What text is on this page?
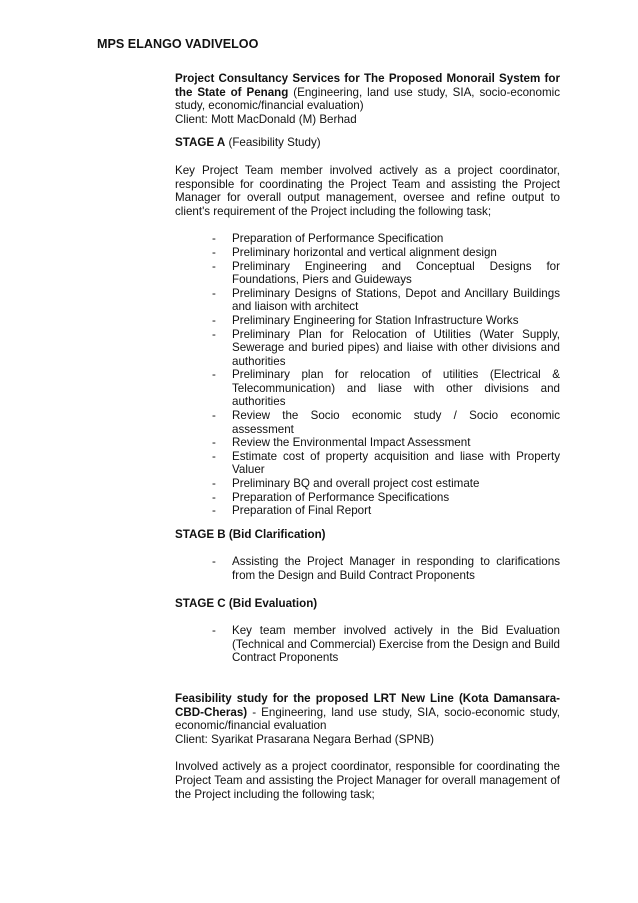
MPS ELANGO VADIVELOO

Project Consultancy Services for The Proposed Monorail System for the State of Penang (Engineering, land use study, SIA, socio-economic study, economic/financial evaluation)

Client: Mott MacDonald (M) Berhad

STAGE A (Feasibility Study)

Key Project Team member involved actively as a project coordinator, responsible for coordinating the Project Team and assisting the Project Manager for overall output management, oversee and refine output to client's requirement of the Project including the following task;

- Preparation of Performance Specification
- Preliminary horizontal and vertical alignment design
- Preliminary Engineering and Conceptual Designs for Foundations, Piers and Guideways
- Preliminary Designs of Stations, Depot and Ancillary Buildings and liaison with architect
- Preliminary Engineering for Station Infrastructure Works
- Preliminary Plan for Relocation of Utilities (Water Supply, Sewerage and buried pipes) and liaise with other divisions and authorities
- Preliminary plan for relocation of utilities (Electrical & Telecommunication) and liase with other divisions and authorities
- Review the Socio economic study / Socio economic assessment
- Review the Environmental Impact Assessment
- Estimate cost of property acquisition and liase with Property Valuer
- Preliminary BQ and overall project cost estimate
- Preparation of Performance Specifications
- Preparation of Final Report

STAGE B (Bid Clarification)

- Assisting the Project Manager in responding to clarifications from the Design and Build Contract Proponents

STAGE C (Bid Evaluation)

- Key team member involved actively in the Bid Evaluation (Technical and Commercial) Exercise from the Design and Build Contract Proponents

Feasibility study for the proposed LRT New Line (Kota Damansara-CBD-Cheras) - Engineering, land use study, SIA, socio-economic study, economic/financial evaluation

Client: Syarikat Prasarana Negara Berhad (SPNB)

Involved actively as a project coordinator, responsible for coordinating the Project Team and assisting the Project Manager for overall management of the Project including the following task;
